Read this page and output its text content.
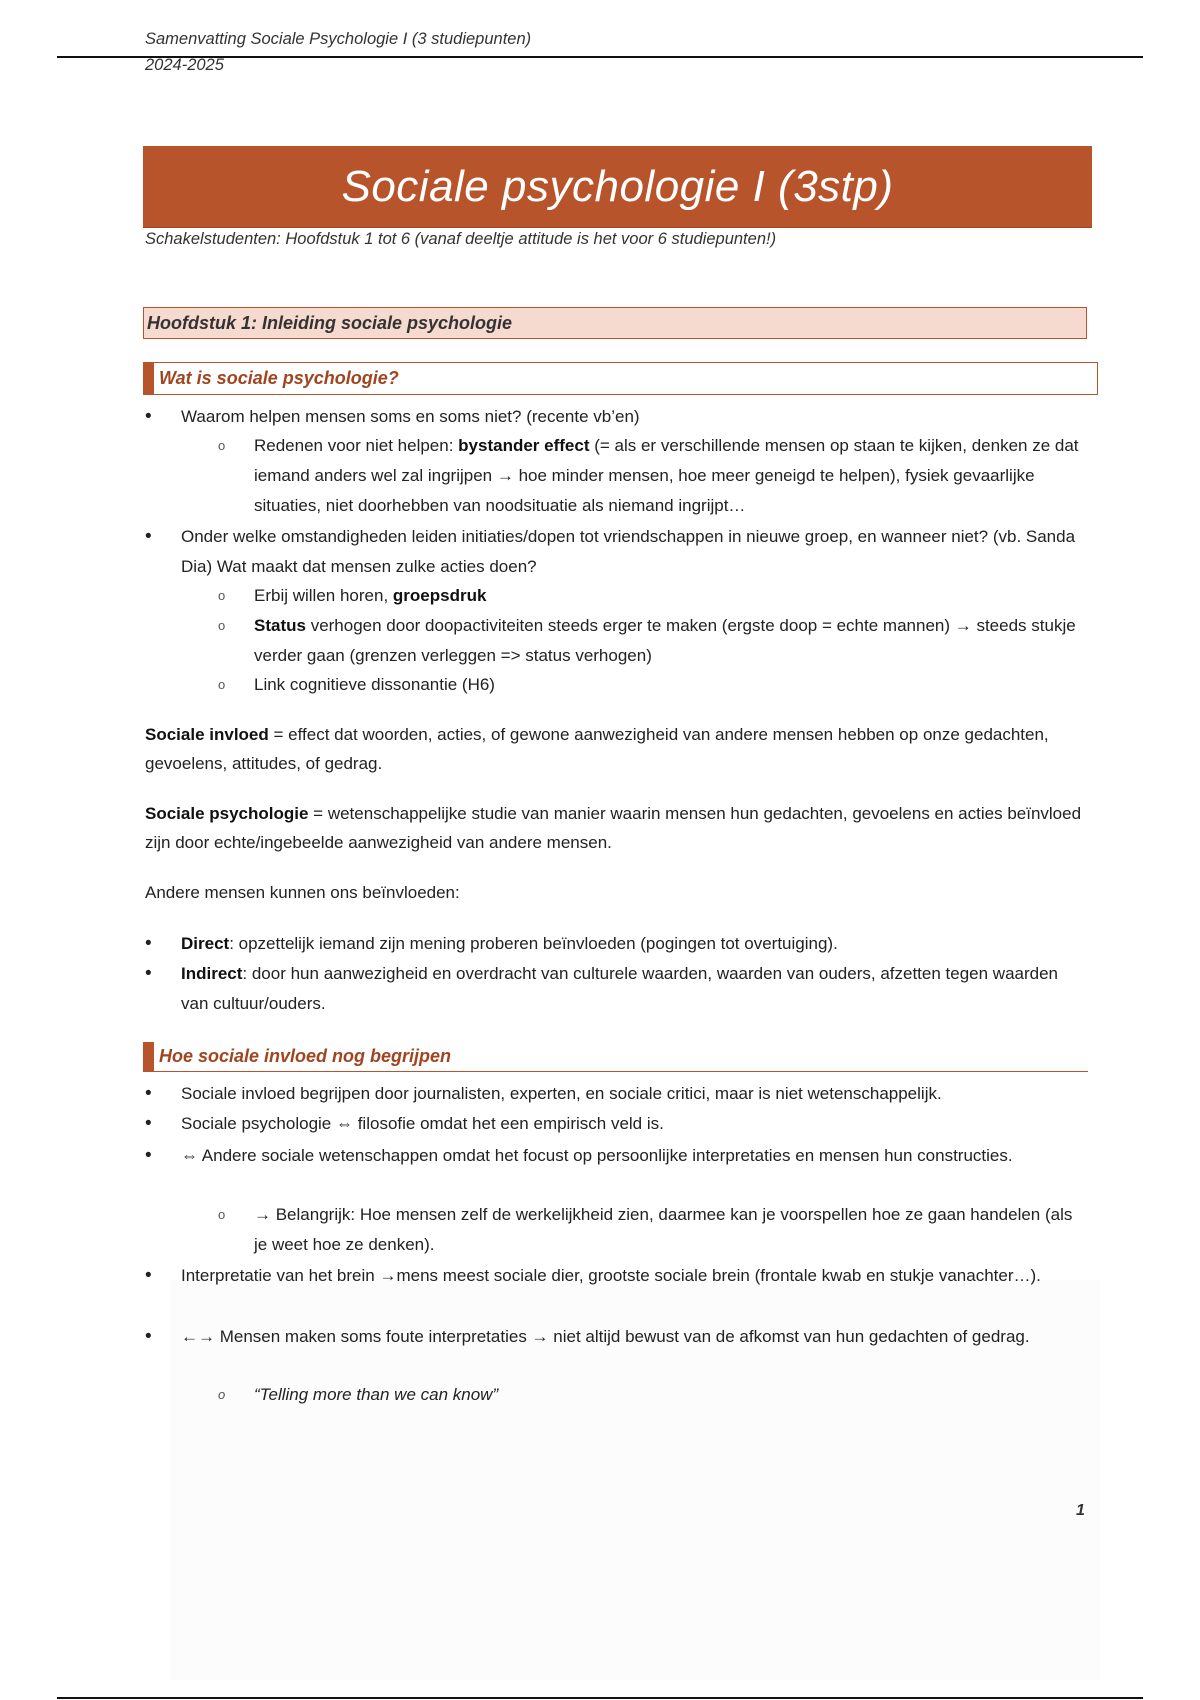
Samenvatting Sociale Psychologie I (3 studiepunten)
2024-2025
Sociale psychologie I (3stp)
Schakelstudenten: Hoofdstuk 1 tot 6 (vanaf deeltje attitude is het voor 6 studiepunten!)
Hoofdstuk 1: Inleiding sociale psychologie
Wat is sociale psychologie?
• Waarom helpen mensen soms en soms niet? (recente vb’en)
o Redenen voor niet helpen: bystander effect (= als er verschillende mensen op staan te kijken, denken ze dat iemand anders wel zal ingrijpen → hoe minder mensen, hoe meer geneigd te helpen), fysiek gevaarlijke situaties, niet doorhebben van noodsituatie als niemand ingrijpt…
• Onder welke omstandigheden leiden initiaties/dopen tot vriendschappen in nieuwe groep, en wanneer niet? (vb. Sanda Dia) Wat maakt dat mensen zulke acties doen?
o Erbij willen horen, groepsdruk
o Status verhogen door doopactiviteiten steeds erger te maken (ergste doop = echte mannen) → steeds stukje verder gaan (grenzen verleggen => status verhogen)
o Link cognitieve dissonantie (H6)
Sociale invloed = effect dat woorden, acties, of gewone aanwezigheid van andere mensen hebben op onze gedachten, gevoelens, attitudes, of gedrag.
Sociale psychologie = wetenschappelijke studie van manier waarin mensen hun gedachten, gevoelens en acties beïnvloed zijn door echte/ingebeelde aanwezigheid van andere mensen.
Andere mensen kunnen ons beïnvloeden:
• Direct: opzettelijk iemand zijn mening proberen beïnvloeden (pogingen tot overtuiging).
• Indirect: door hun aanwezigheid en overdracht van culturele waarden, waarden van ouders, afzetten tegen waarden van cultuur/ouders.
Hoe sociale invloed nog begrijpen
• Sociale invloed begrijpen door journalisten, experten, en sociale critici, maar is niet wetenschappelijk.
• Sociale psychologie ⇔ filosofie omdat het een empirisch veld is.
• ⇔ Andere sociale wetenschappen omdat het focust op persoonlijke interpretaties en mensen hun constructies.
o → Belangrijk: Hoe mensen zelf de werkelijkheid zien, daarmee kan je voorspellen hoe ze gaan handelen (als je weet hoe ze denken).
• Interpretatie van het brein →mens meest sociale dier, grootste sociale brein (frontale kwab en stukje vanachter…).
• ←→ Mensen maken soms foute interpretaties → niet altijd bewust van de afkomst van hun gedachten of gedrag.
o “Telling more than we can know”
1
